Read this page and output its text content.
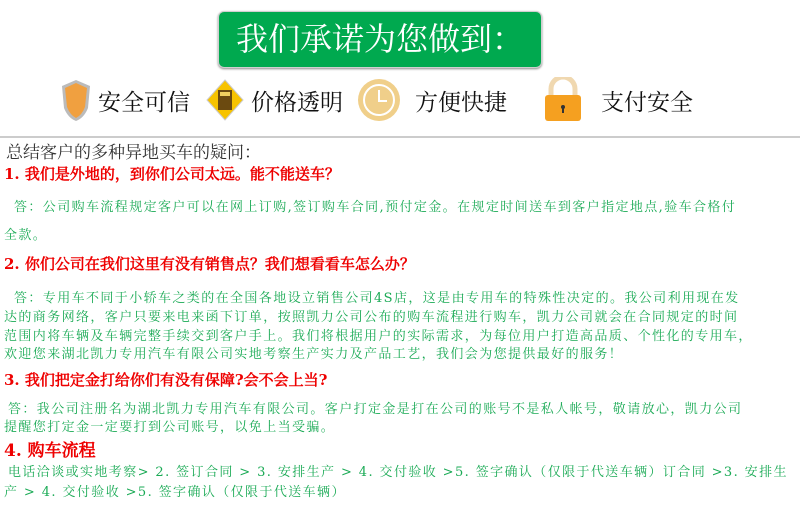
我们承诺为您做到：
安全可信	价格透明	方便快捷	支付安全
总结客户的多种异地买车的疑问：
1. 我们是外地的，到你们公司太远。能不能送车？
答：公司购车流程规定客户可以在网上订购,签订购车合同,预付定金。在规定时间送车到客户指定地点,验车合格付
全款。
2. 你们公司在我们这里有没有销售点？我们想看看车怎么办？
答：专用车不同于小轿车之类的在全国各地设立销售公司4S店，这是由专用车的特殊性决定的。我公司利用现在发
达的商务网络，客户只要来电来函下订单，按照凯力公司公布的购车流程进行购车，凯力公司就会在合同规定的时间
范围内将车辆及车辆完整手续交到客户手上。我们将根据用户的实际需求，为每位用户打造高品质、个性化的专用车，
欢迎您来湖北凯力专用汽车有限公司实地考察生产实力及产品工艺，我们会为您提供最好的服务！
3. 我们把定金打给你们有没有保障?会不会上当?
答：我公司注册名为湖北凯力专用汽车有限公司。客户打定金是打在公司的账号不是私人帐号，敬请放心，凯力公司
提醒您打定金一定要打到公司账号，以免上当受骗。
4. 购车流程
电话洽谈或实地考察> 2. 签订合同 > 3. 安排生产 > 4. 交付验收 >5. 签字确认（仅限于代送车辆）订合同 >3. 安排生
产 > 4. 交付验收 >5. 签字确认（仅限于代送车辆）
